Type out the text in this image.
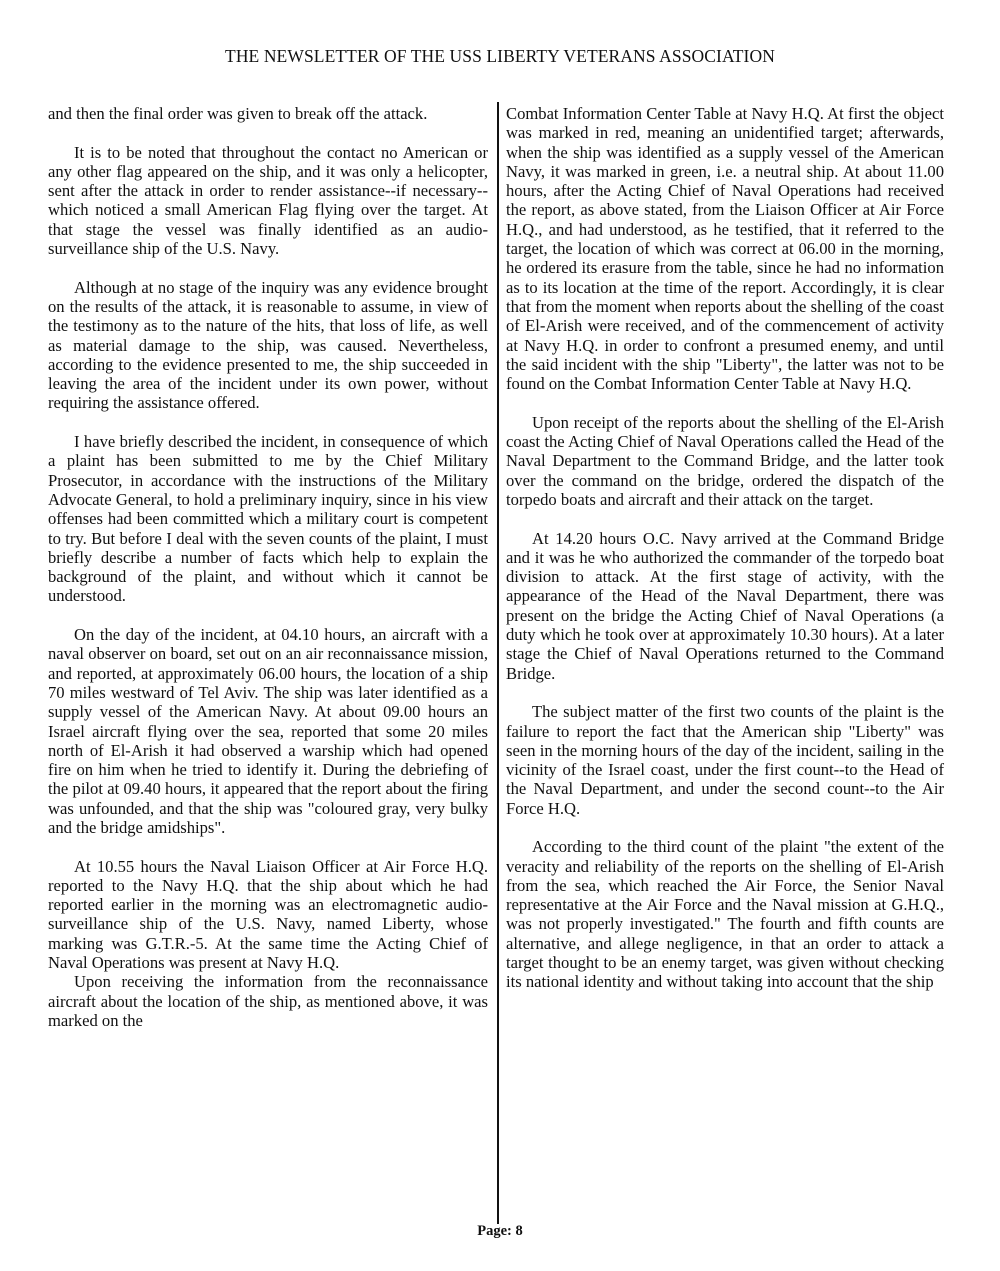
THE NEWSLETTER OF THE USS LIBERTY VETERANS ASSOCIATION

and then the final order was given to break off the attack.

It is to be noted that throughout the contact no American or any other flag appeared on the ship, and it was only a helicopter, sent after the attack in order to render assistance--if necessary--which noticed a small American Flag flying over the target. At that stage the vessel was finally identified as an audio-surveillance ship of the U.S. Navy.

Although at no stage of the inquiry was any evidence brought on the results of the attack, it is reasonable to assume, in view of the testimony as to the nature of the hits, that loss of life, as well as material damage to the ship, was caused. Nevertheless, according to the evidence presented to me, the ship succeeded in leaving the area of the incident under its own power, without requiring the assistance offered.

I have briefly described the incident, in consequence of which a plaint has been submitted to me by the Chief Military Prosecutor, in accordance with the instructions of the Military Advocate General, to hold a preliminary inquiry, since in his view offenses had been committed which a military court is competent to try. But before I deal with the seven counts of the plaint, I must briefly describe a number of facts which help to explain the background of the plaint, and without which it cannot be understood.

On the day of the incident, at 04.10 hours, an aircraft with a naval observer on board, set out on an air reconnaissance mission, and reported, at approximately 06.00 hours, the location of a ship 70 miles westward of Tel Aviv. The ship was later identified as a supply vessel of the American Navy. At about 09.00 hours an Israel aircraft flying over the sea, reported that some 20 miles north of El-Arish it had observed a warship which had opened fire on him when he tried to identify it. During the debriefing of the pilot at 09.40 hours, it appeared that the report about the firing was unfounded, and that the ship was "coloured gray, very bulky and the bridge amidships".

At 10.55 hours the Naval Liaison Officer at Air Force H.Q. reported to the Navy H.Q. that the ship about which he had reported earlier in the morning was an electromagnetic audio-surveillance ship of the U.S. Navy, named Liberty, whose marking was G.T.R.-5. At the same time the Acting Chief of Naval Operations was present at Navy H.Q.

Upon receiving the information from the reconnaissance aircraft about the location of the ship, as mentioned above, it was marked on the

Combat Information Center Table at Navy H.Q. At first the object was marked in red, meaning an unidentified target; afterwards, when the ship was identified as a supply vessel of the American Navy, it was marked in green, i.e. a neutral ship. At about 11.00 hours, after the Acting Chief of Naval Operations had received the report, as above stated, from the Liaison Officer at Air Force H.Q., and had understood, as he testified, that it referred to the target, the location of which was correct at 06.00 in the morning, he ordered its erasure from the table, since he had no information as to its location at the time of the report. Accordingly, it is clear that from the moment when reports about the shelling of the coast of El-Arish were received, and of the commencement of activity at Navy H.Q. in order to confront a presumed enemy, and until the said incident with the ship "Liberty", the latter was not to be found on the Combat Information Center Table at Navy H.Q.

Upon receipt of the reports about the shelling of the El-Arish coast the Acting Chief of Naval Operations called the Head of the Naval Department to the Command Bridge, and the latter took over the command on the bridge, ordered the dispatch of the torpedo boats and aircraft and their attack on the target.

At 14.20 hours O.C. Navy arrived at the Command Bridge and it was he who authorized the commander of the torpedo boat division to attack. At the first stage of activity, with the appearance of the Head of the Naval Department, there was present on the bridge the Acting Chief of Naval Operations (a duty which he took over at approximately 10.30 hours). At a later stage the Chief of Naval Operations returned to the Command Bridge.

The subject matter of the first two counts of the plaint is the failure to report the fact that the American ship "Liberty" was seen in the morning hours of the day of the incident, sailing in the vicinity of the Israel coast, under the first count--to the Head of the Naval Department, and under the second count--to the Air Force H.Q.

According to the third count of the plaint "the extent of the veracity and reliability of the reports on the shelling of El-Arish from the sea, which reached the Air Force, the Senior Naval representative at the Air Force and the Naval mission at G.H.Q., was not properly investigated." The fourth and fifth counts are alternative, and allege negligence, in that an order to attack a target thought to be an enemy target, was given without checking its national identity and without taking into account that the ship

Page: 8
